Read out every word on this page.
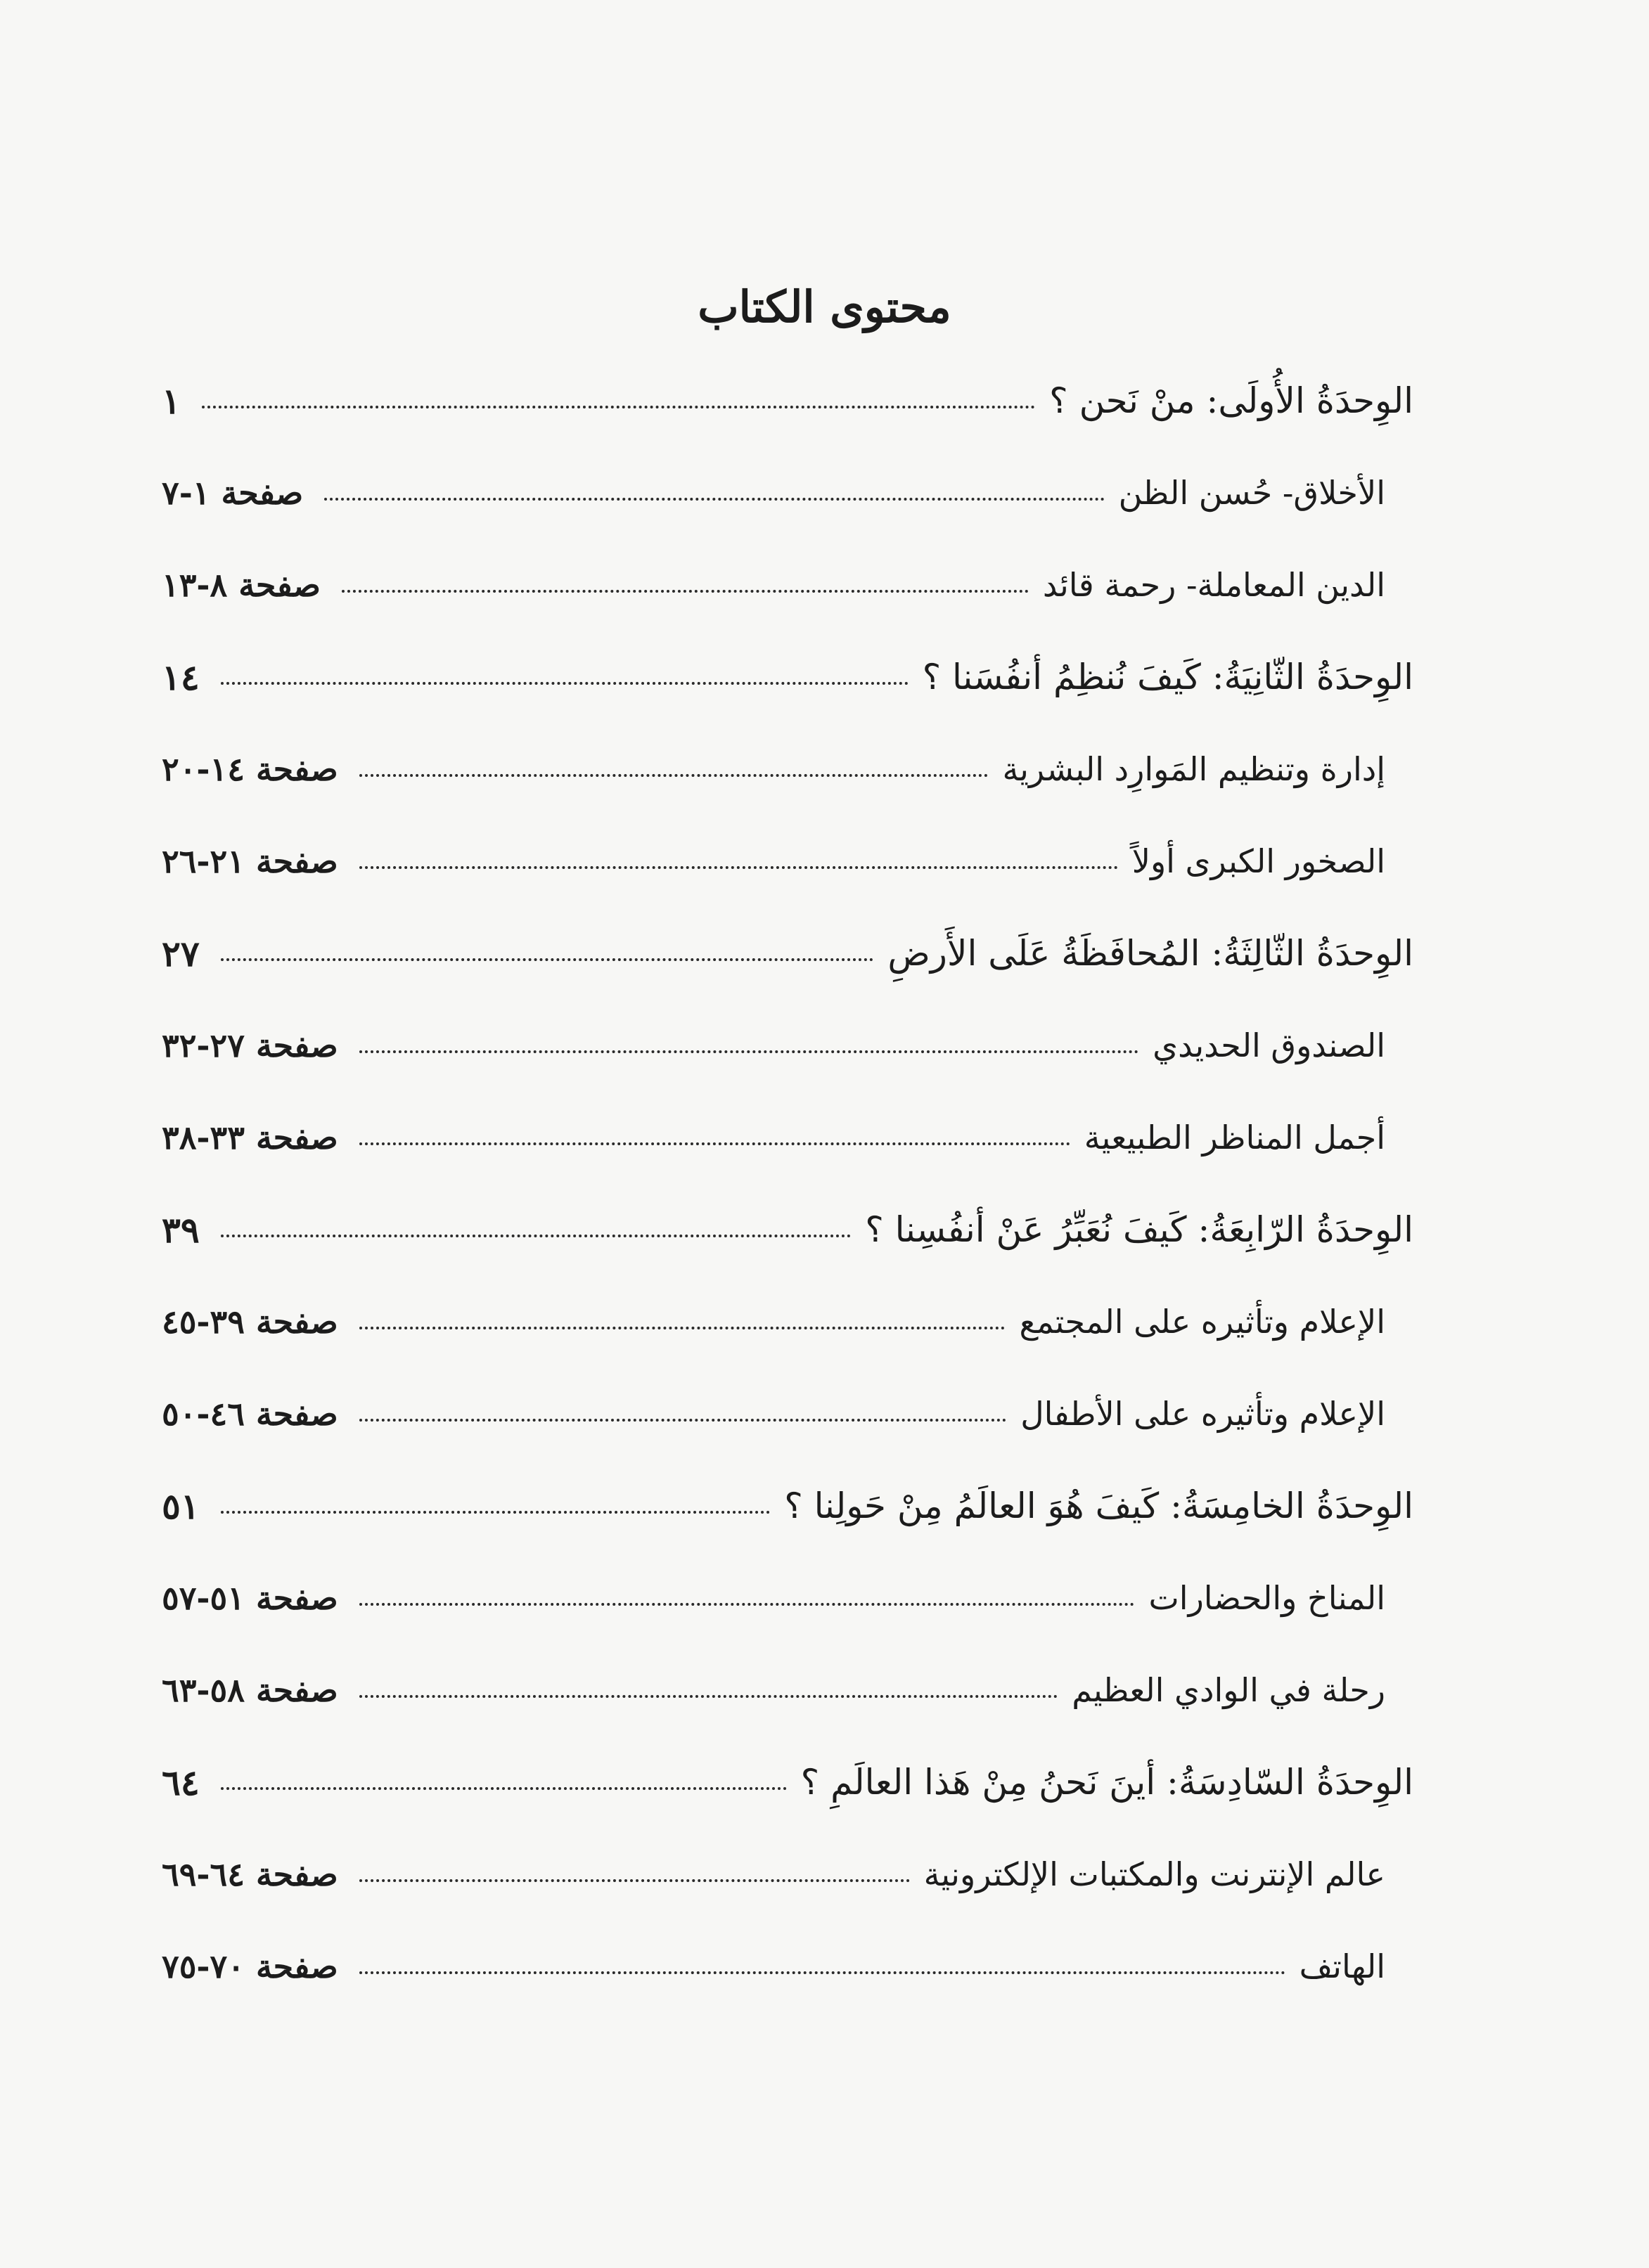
محتوى الكتاب
الوِحدَةُ الأُولَى: منْ نَحن ؟
١
الأخلاق- حُسن الظن
صفحة ١-٧
الدين المعاملة- رحمة قائد
صفحة ٨-١٣
الوِحدَةُ الثّانِيَةُ: كَيفَ نُنظِمُ أنفُسَنا ؟
١٤
إدارة وتنظيم المَوارِد البشرية
صفحة ١٤-٢٠
الصخور الكبرى أولاً
صفحة ٢١-٢٦
الوِحدَةُ الثّالِثَةُ: المُحافَظَةُ عَلَى الأَرضِ
٢٧
الصندوق الحديدي
صفحة ٢٧-٣٢
أجمل المناظر الطبيعية
صفحة ٣٣-٣٨
الوِحدَةُ الرّابِعَةُ: كَيفَ نُعَبِّرُ عَنْ أنفُسِنا ؟
٣٩
الإعلام وتأثيره على المجتمع
صفحة ٣٩-٤٥
الإعلام وتأثيره على الأطفال
صفحة ٤٦-٥٠
الوِحدَةُ الخامِسَةُ: كَيفَ هُوَ العالَمُ مِنْ حَولِنا ؟
٥١
المناخ والحضارات
صفحة ٥١-٥٧
رحلة في الوادي العظيم
صفحة ٥٨-٦٣
الوِحدَةُ السّادِسَةُ: أينَ نَحنُ مِنْ هَذا العالَمِ ؟
٦٤
عالم الإنترنت والمكتبات الإلكترونية
صفحة ٦٤-٦٩
الهاتف
صفحة ٧٠-٧٥
